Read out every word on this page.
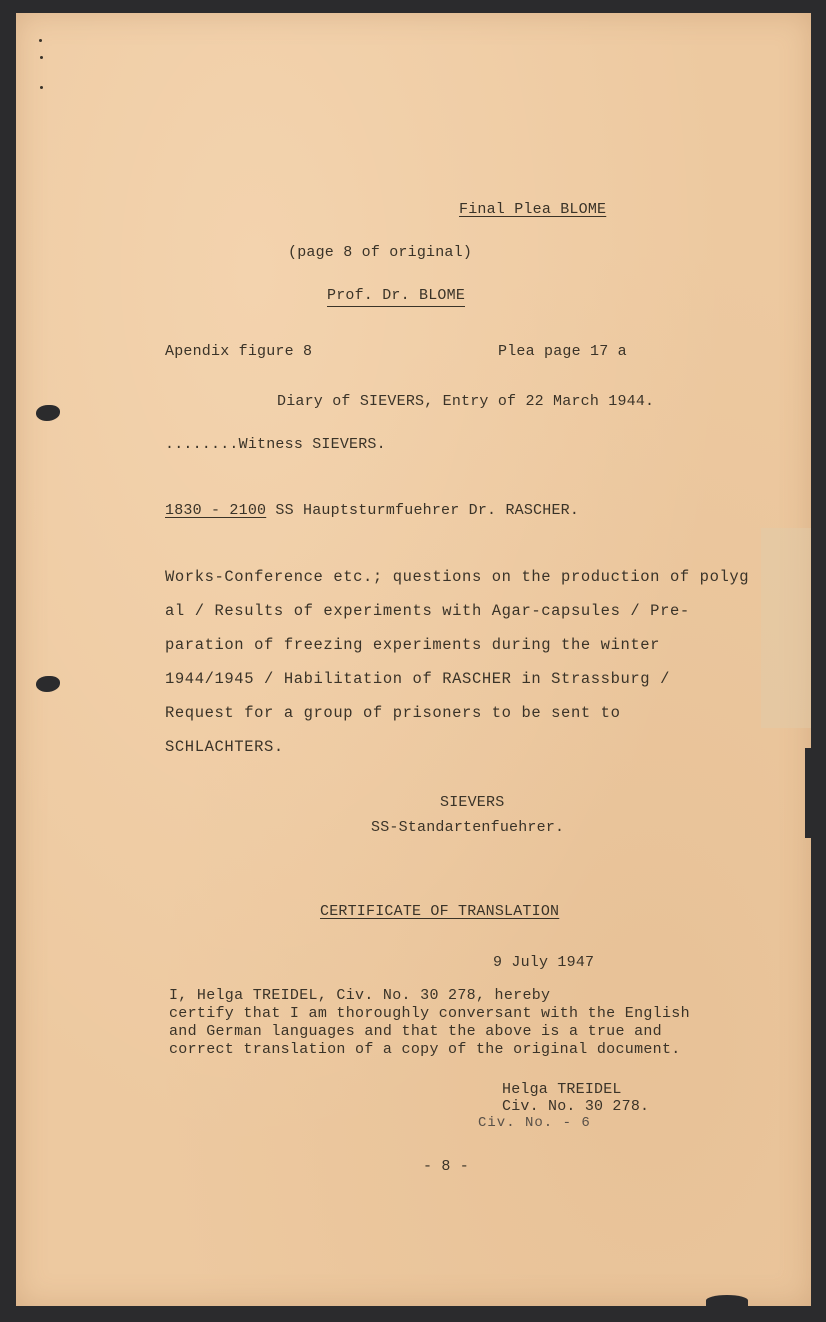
Final Plea BLOME
(page 8 of original)
Prof. Dr. BLOME
Apendix figure 8	Plea page 17 a
Diary of SIEVERS, Entry of 22 March 1944.
........Witness SIEVERS.
1830 - 2100 SS Hauptsturmfuehrer Dr. RASCHER.
Works-Conference etc.; questions on the production of polyg
al / Results of experiments with Agar-capsules / Pre-
paration of freezing experiments during the winter
1944/1945 / Habilitation of RASCHER in Strassburg /
Request for a group of prisoners to be sent to
SCHLACHTERS.
SIEVERS
SS-Standartenfuehrer.
CERTIFICATE OF TRANSLATION
9 July 1947
I, Helga TREIDEL, Civ. No. 30 278, hereby
certify that I am thoroughly conversant with the English
and German languages and that the above is a true and
correct translation of a copy of the original document.
Helga TREIDEL
Civ. No. 30 278.
Civ. No. - 6
- 8 -
